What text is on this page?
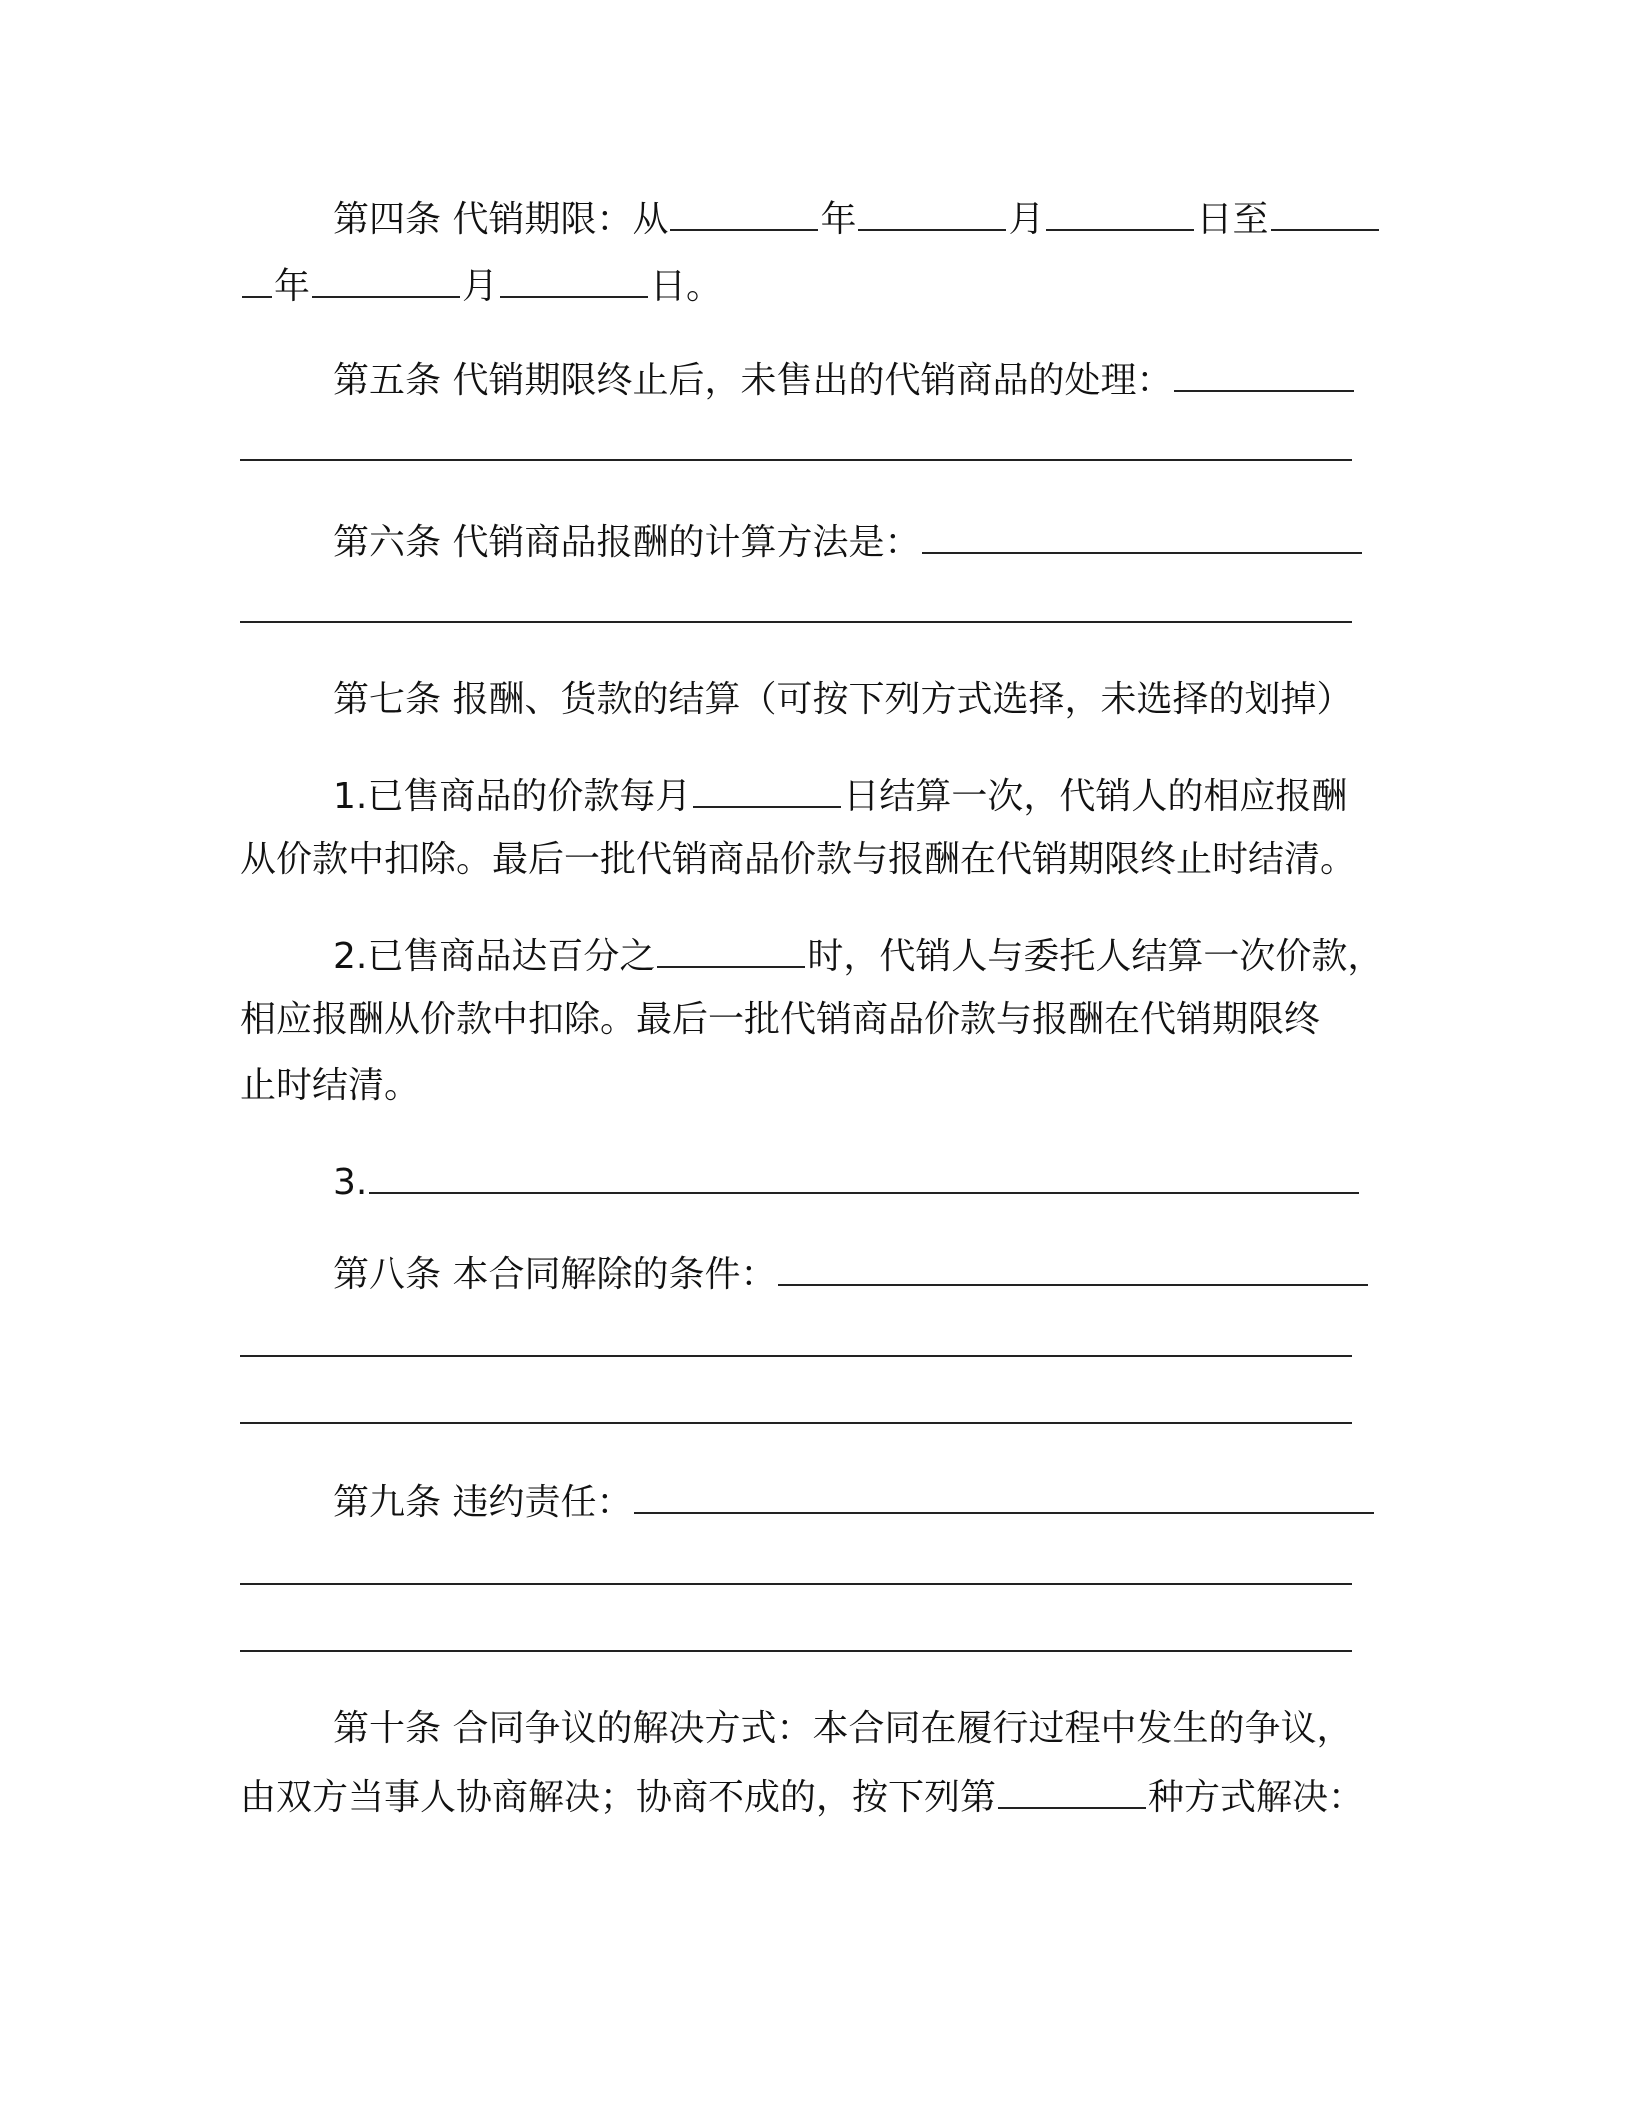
第四条 代销期限：从	年	月	日至
年	月	日。
第五条 代销期限终止后，未售出的代销商品的处理：
第六条 代销商品报酬的计算方法是：
第七条 报酬、货款的结算（可按下列方式选择，未选择的划掉）
1.已售商品的价款每月	日结算一次，代销人的相应报酬
从价款中扣除。最后一批代销商品价款与报酬在代销期限终止时结清。
2.已售商品达百分之	时，代销人与委托人结算一次价款，
相应报酬从价款中扣除。最后一批代销商品价款与报酬在代销期限终
止时结清。
3.
第八条 本合同解除的条件：
第九条 违约责任：
第十条 合同争议的解决方式：本合同在履行过程中发生的争议，
由双方当事人协商解决；协商不成的，按下列第	种方式解决：
